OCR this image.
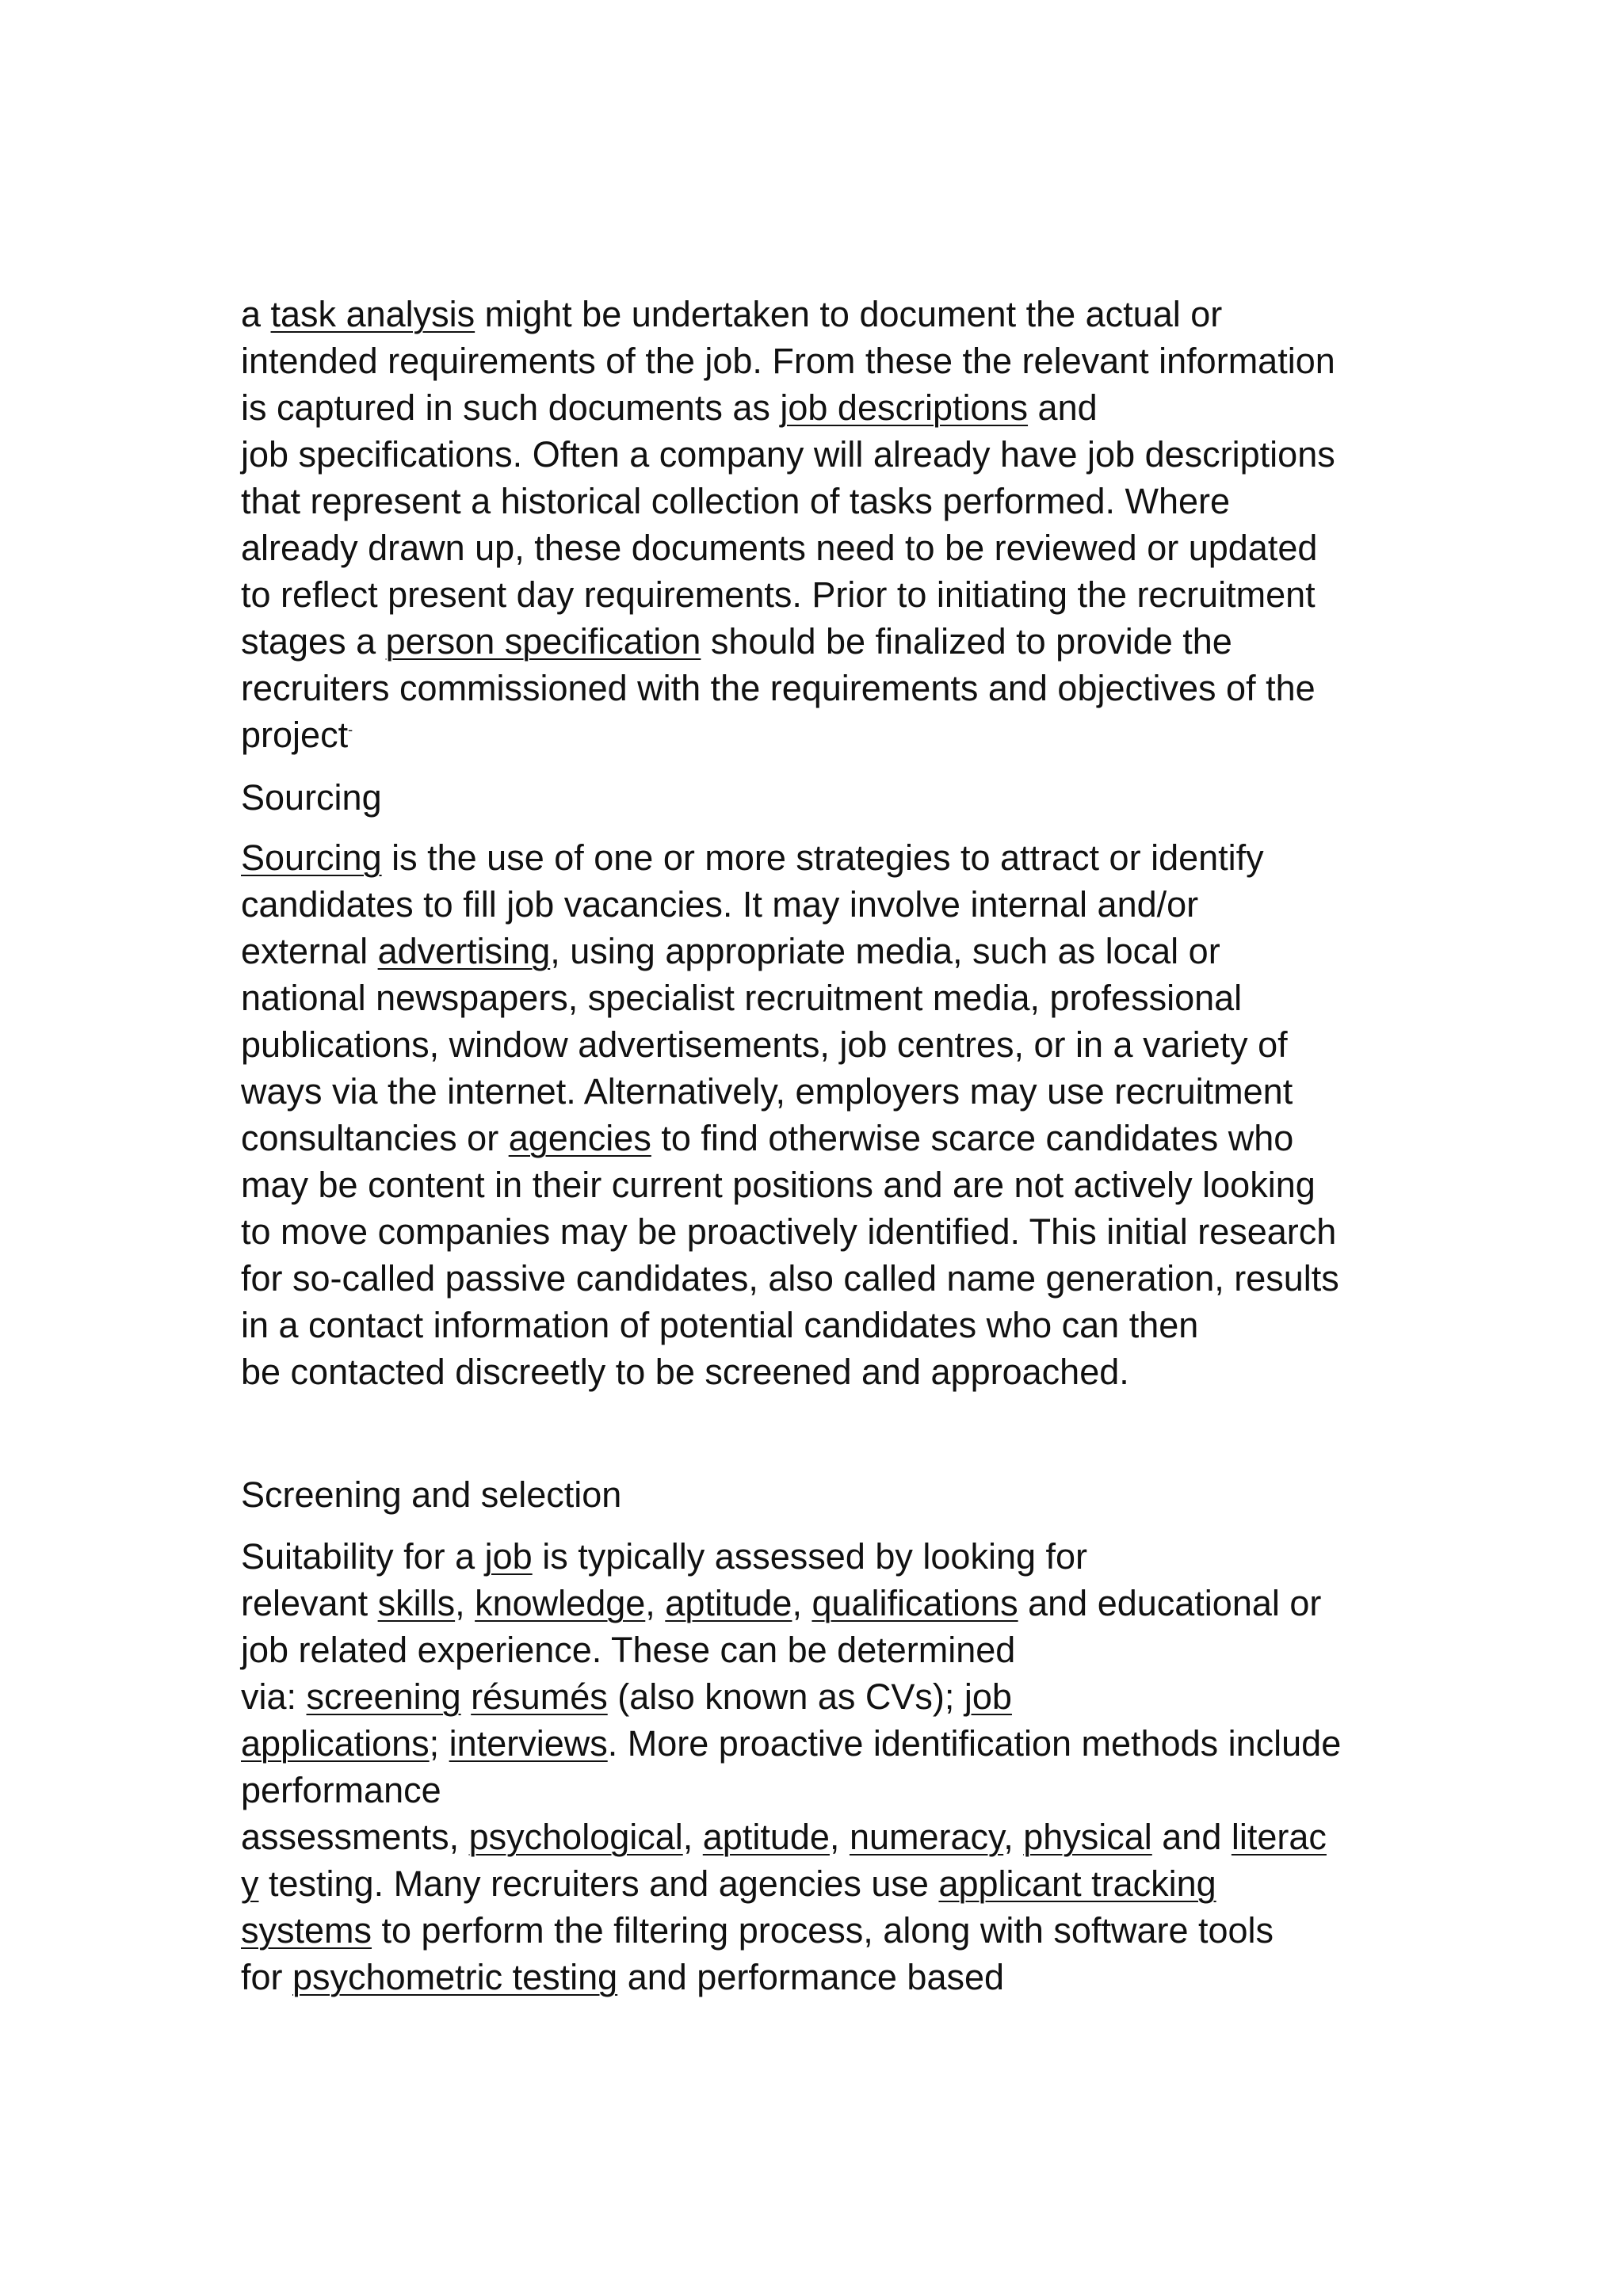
a task analysis might be undertaken to document the actual or
intended requirements of the job. From these the relevant information
is captured in such documents as job descriptions and
job specifications. Often a company will already have job descriptions
that represent a historical collection of tasks performed. Where
already drawn up, these documents need to be reviewed or updated
to reflect present day requirements. Prior to initiating the recruitment
stages a person specification should be finalized to provide the
recruiters commissioned with the requirements and objectives of the
project-
Sourcing
Sourcing is the use of one or more strategies to attract or identify
candidates to fill job vacancies. It may involve internal and/or
external advertising, using appropriate media, such as local or
national newspapers, specialist recruitment media, professional
publications, window advertisements, job centres, or in a variety of
ways via the internet. Alternatively, employers may use recruitment
consultancies or agencies to find otherwise scarce candidates who
may be content in their current positions and are not actively looking
to move companies may be proactively identified. This initial research
for so-called passive candidates, also called name generation, results
in a contact information of potential candidates who can then
be contacted discreetly to be screened and approached.
Screening and selection
Suitability for a job is typically assessed by looking for
relevant skills, knowledge, aptitude, qualifications and educational or
job related experience. These can be determined
via: screening résumés (also known as CVs); job
applications; interviews. More proactive identification methods include
performance
assessments, psychological, aptitude, numeracy, physical and literac
y testing. Many recruiters and agencies use applicant tracking
systems to perform the filtering process, along with software tools
for psychometric testing and performance based
